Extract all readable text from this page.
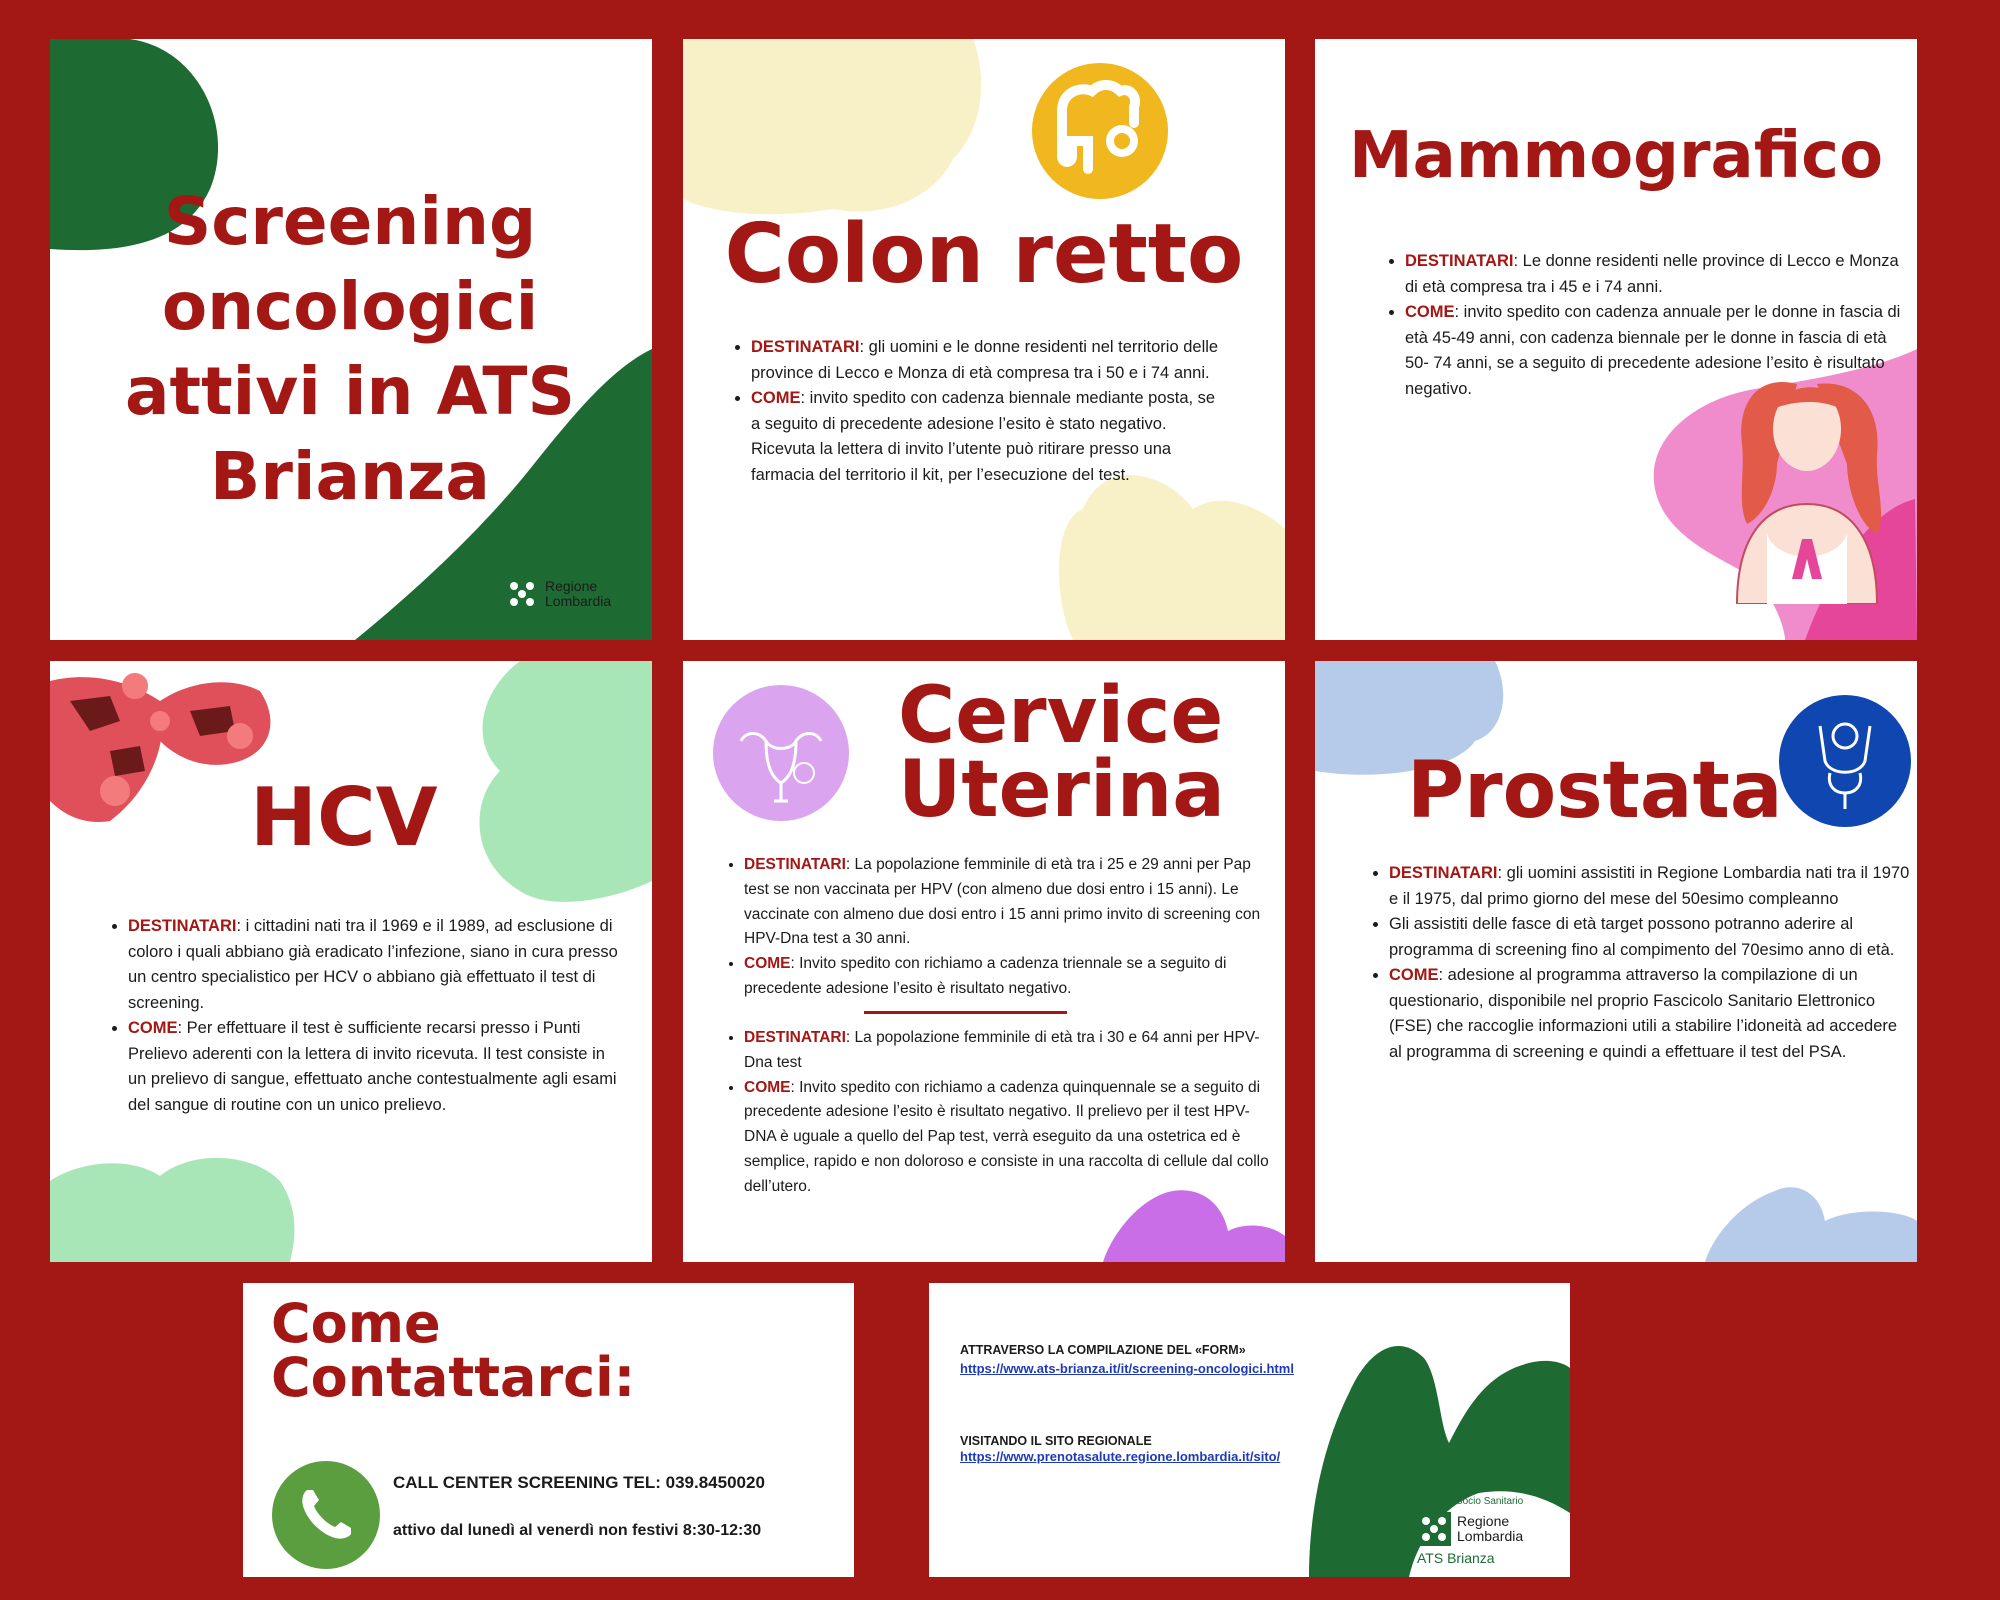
Screening
oncologici
attivi in ATS
Brianza
Sistema Socio Sanitario
Regione
Lombardia
ATS Brianza
Colon retto
• DESTINATARI: gli uomini e le donne residenti nel territorio delle province di Lecco e Monza di età compresa tra i 50 e i 74 anni.
• COME: invito spedito con cadenza biennale mediante posta, se a seguito di precedente adesione l’esito è stato negativo. Ricevuta la lettera di invito l’utente può ritirare presso una farmacia del territorio il kit, per l’esecuzione del test.
Mammografico
• DESTINATARI: Le donne residenti nelle province di Lecco e Monza di età compresa tra i 45 e i 74 anni.
• COME: invito spedito con cadenza annuale per le donne in fascia di età 45-49 anni, con cadenza biennale per le donne in fascia di età 50- 74 anni, se a seguito di precedente adesione l’esito è risultato negativo.
HCV
• DESTINATARI: i cittadini nati tra il 1969 e il 1989, ad esclusione di coloro i quali abbiano già eradicato l’infezione, siano in cura presso un centro specialistico per HCV o abbiano già effettuato il test di screening.
• COME: Per effettuare il test è sufficiente recarsi presso i Punti Prelievo aderenti con la lettera di invito ricevuta. Il test consiste in un prelievo di sangue, effettuato anche contestualmente agli esami del sangue di routine con un unico prelievo.
Cervice
Uterina
• DESTINATARI: La popolazione femminile di età tra i 25 e 29 anni per Pap test se non vaccinata per HPV (con almeno due dosi entro i 15 anni). Le vaccinate con almeno due dosi entro i 15 anni primo invito di screening con HPV-Dna test a 30 anni.
• COME: Invito spedito con richiamo a cadenza triennale se a seguito di precedente adesione l’esito è risultato negativo.
• DESTINATARI: La popolazione femminile di età tra i 30 e 64 anni per HPV- Dna test
• COME: Invito spedito con richiamo a cadenza quinquennale se a seguito di precedente adesione l’esito è risultato negativo. Il prelievo per il test HPV-DNA è uguale a quello del Pap test, verrà eseguito da una ostetrica ed è semplice, rapido e non doloroso e consiste in una raccolta di cellule dal collo dell’utero.
Prostata
• DESTINATARI: gli uomini assistiti in Regione Lombardia nati tra il 1970 e il 1975, dal primo giorno del mese del 50esimo compleanno
• Gli assistiti delle fasce di età target possono potranno aderire al programma di screening fino al compimento del 70esimo anno di età.
• COME: adesione al programma attraverso la compilazione di un questionario, disponibile nel proprio Fascicolo Sanitario Elettronico (FSE) che raccoglie informazioni utili a stabilire l’idoneità ad accedere al programma di screening e quindi a effettuare il test del PSA.
Come
Contattarci:
CALL CENTER SCREENING TEL: 039.8450020
attivo dal lunedì al venerdì non festivi 8:30-12:30
ATTRAVERSO LA COMPILAZIONE DEL «FORM»
https://www.ats-brianza.it/it/screening-oncologici.html
VISITANDO IL SITO REGIONALE
https://www.prenotasalute.regione.lombardia.it/sito/
Sistema Socio Sanitario
Regione
Lombardia
ATS Brianza
